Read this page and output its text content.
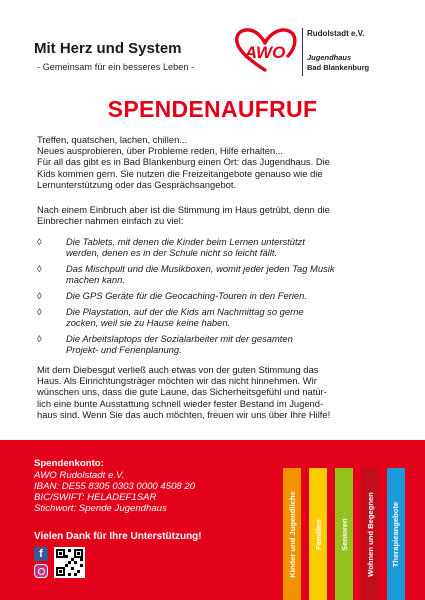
Mit Herz und System
- Gemeinsam für ein besseres Leben -
AWO
Rudolstadt e.V.
Jugendhaus
Bad Blankenburg
SPENDENAUFRUF
Treffen, quatschen, lachen, chillen...
Neues ausprobieren, über Probleme reden, Hilfe erhalten...
Für all das gibt es in Bad Blankenburg einen Ort: das Jugendhaus. Die
Kids kommen gern. Sie nutzen die Freizeitangebote genauso wie die
Lernunterstützung oder das Gesprächsangebot.
Nach einem Einbruch aber ist die Stimmung im Haus getrübt, denn die
Einbrecher nahmen einfach zu viel:
◊	Die Tablets, mit denen die Kinder beim Lernen unterstützt
werden, denen es in der Schule nicht so leicht fällt.
◊	Das Mischpult und die Musikboxen, womit jeder jeden Tag Musik
machen kann.
◊	Die GPS Geräte für die Geocaching-Touren in den Ferien.
◊	Die Playstation, auf der die Kids am Nachmittag so gerne
zocken, weil sie zu Hause keine haben.
◊	Die Arbeitslaptops der Sozialarbeiter mit der gesamten
Projekt- und Ferienplanung.
Mit dem Diebesgut verließ auch etwas von der guten Stimmung das
Haus. Als Einrichtungsträger möchten wir das nicht hinnehmen. Wir
wünschen uns, dass die gute Laune, das Sicherheitsgefühl und natür-
lich eine bunte Ausstattung schnell wieder fester Bestand im Jugend-
haus sind. Wenn Sie das auch möchten, freuen wir uns über Ihre Hilfe!
Spendenkonto:
AWO Rudolstadt e.V.
IBAN: DE55 8305 0303 0000 4508 20
BIC/SWIFT: HELADEF1SAR
Stichwort: Spende Jugendhaus
Vielen Dank für Ihre Unterstützung!
f	Kinder und Jugendliche Familien Senioren Wohnen und Begegnen Therapieangebote
